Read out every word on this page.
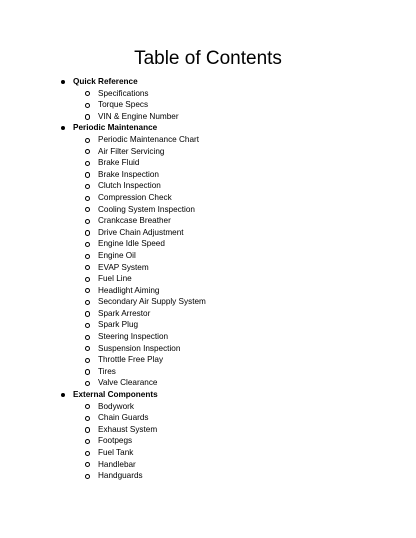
Table of Contents
Quick Reference
Specifications
Torque Specs
VIN & Engine Number
Periodic Maintenance
Periodic Maintenance Chart
Air Filter Servicing
Brake Fluid
Brake Inspection
Clutch Inspection
Compression Check
Cooling System Inspection
Crankcase Breather
Drive Chain Adjustment
Engine Idle Speed
Engine Oil
EVAP System
Fuel Line
Headlight Aiming
Secondary Air Supply System
Spark Arrestor
Spark Plug
Steering Inspection
Suspension Inspection
Throttle Free Play
Tires
Valve Clearance
External Components
Bodywork
Chain Guards
Exhaust System
Footpegs
Fuel Tank
Handlebar
Handguards
